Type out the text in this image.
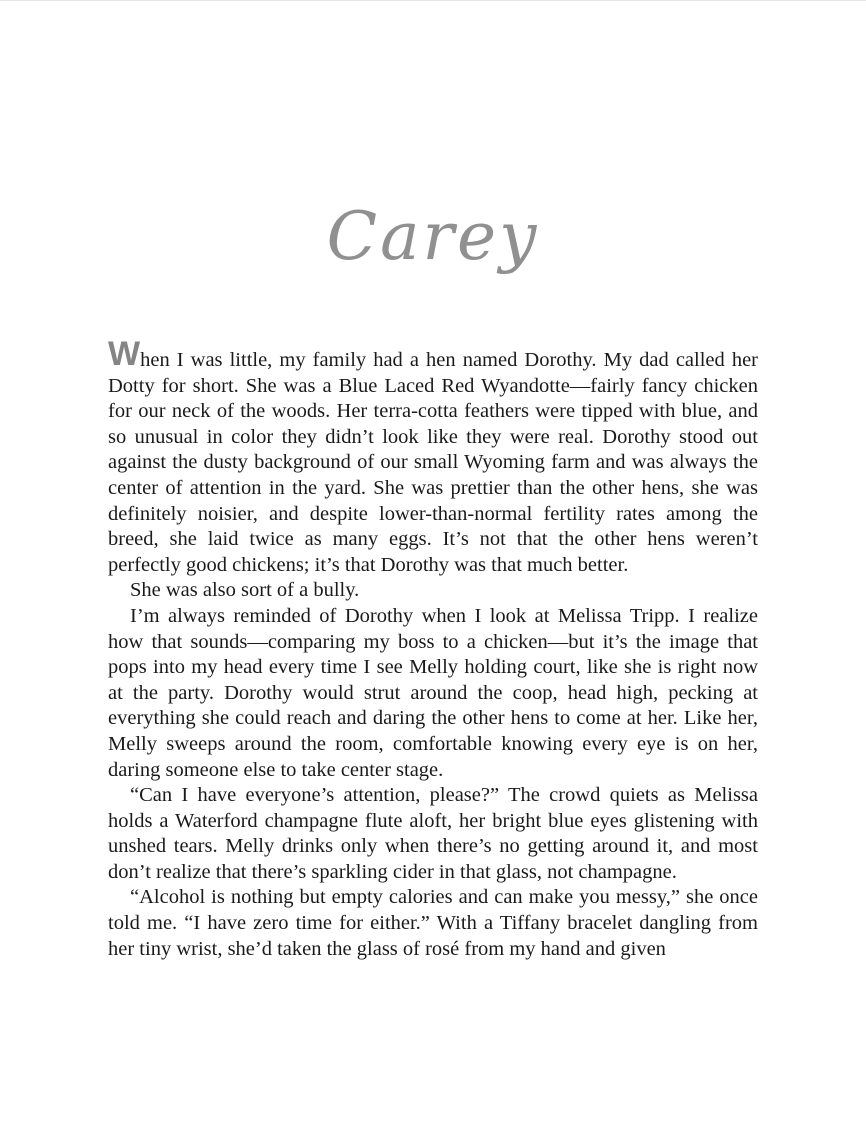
Carey

When I was little, my family had a hen named Dorothy. My dad called her Dotty for short. She was a Blue Laced Red Wyandotte—fairly fancy chicken for our neck of the woods. Her terra-cotta feathers were tipped with blue, and so unusual in color they didn’t look like they were real. Dorothy stood out against the dusty background of our small Wyoming farm and was always the center of attention in the yard. She was prettier than the other hens, she was definitely noisier, and despite lower-than-normal fertility rates among the breed, she laid twice as many eggs. It’s not that the other hens weren’t perfectly good chickens; it’s that Dorothy was that much better.

She was also sort of a bully.

I’m always reminded of Dorothy when I look at Melissa Tripp. I realize how that sounds—comparing my boss to a chicken—but it’s the image that pops into my head every time I see Melly holding court, like she is right now at the party. Dorothy would strut around the coop, head high, pecking at everything she could reach and daring the other hens to come at her. Like her, Melly sweeps around the room, comfortable knowing every eye is on her, daring someone else to take center stage.

“Can I have everyone’s attention, please?” The crowd quiets as Melissa holds a Waterford champagne flute aloft, her bright blue eyes glistening with unshed tears. Melly drinks only when there’s no getting around it, and most don’t realize that there’s sparkling cider in that glass, not champagne.

“Alcohol is nothing but empty calories and can make you messy,” she once told me. “I have zero time for either.” With a Tiffany bracelet dangling from her tiny wrist, she’d taken the glass of rosé from my hand and given
